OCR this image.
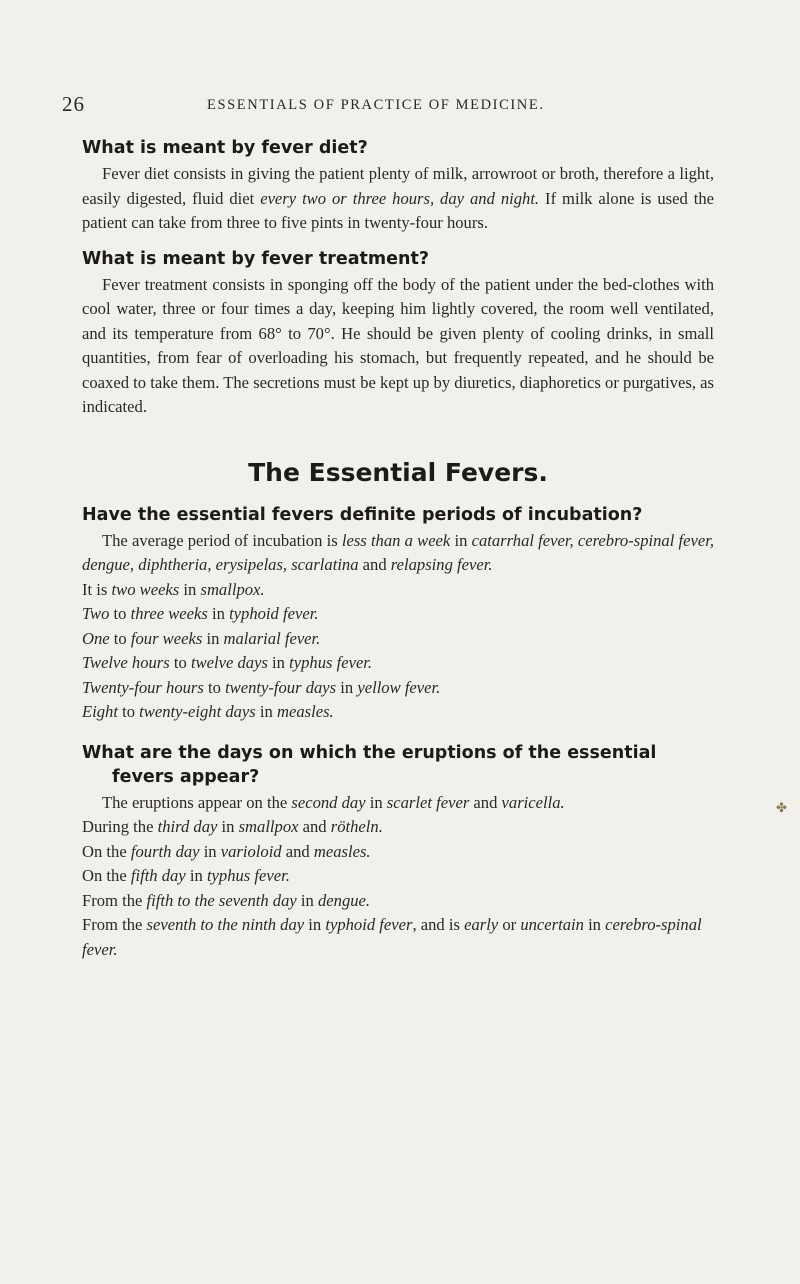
26	ESSENTIALS OF PRACTICE OF MEDICINE.
What is meant by fever diet?

Fever diet consists in giving the patient plenty of milk, arrowroot or broth, therefore a light, easily digested, fluid diet every two or three hours, day and night. If milk alone is used the patient can take from three to five pints in twenty-four hours.

What is meant by fever treatment?

Fever treatment consists in sponging off the body of the patient under the bed-clothes with cool water, three or four times a day, keeping him lightly covered, the room well ventilated, and its temperature from 68° to 70°. He should be given plenty of cooling drinks, in small quantities, from fear of overloading his stomach, but frequently repeated, and he should be coaxed to take them. The secretions must be kept up by diuretics, diaphoretics or purgatives, as indicated.

The Essential Fevers.
Have the essential fevers definite periods of incubation?

The average period of incubation is less than a week in catarrhal fever, cerebro-spinal fever, dengue, diphtheria, erysipelas, scarlatina and relapsing fever.

It is two weeks in smallpox.

Two to three weeks in typhoid fever.

One to four weeks in malarial fever.

Twelve hours to twelve days in typhus fever.

Twenty-four hours to twenty-four days in yellow fever.

Eight to twenty-eight days in measles.

What are the days on which the eruptions of the essential fevers appear?

The eruptions appear on the second day in scarlet fever and varicella.

During the third day in smallpox and rötheln.

On the fourth day in varioloid and measles.

On the fifth day in typhus fever.

From the fifth to the seventh day in dengue.

From the seventh to the ninth day in typhoid fever, and is early or uncertain in cerebro-spinal fever.

✤
